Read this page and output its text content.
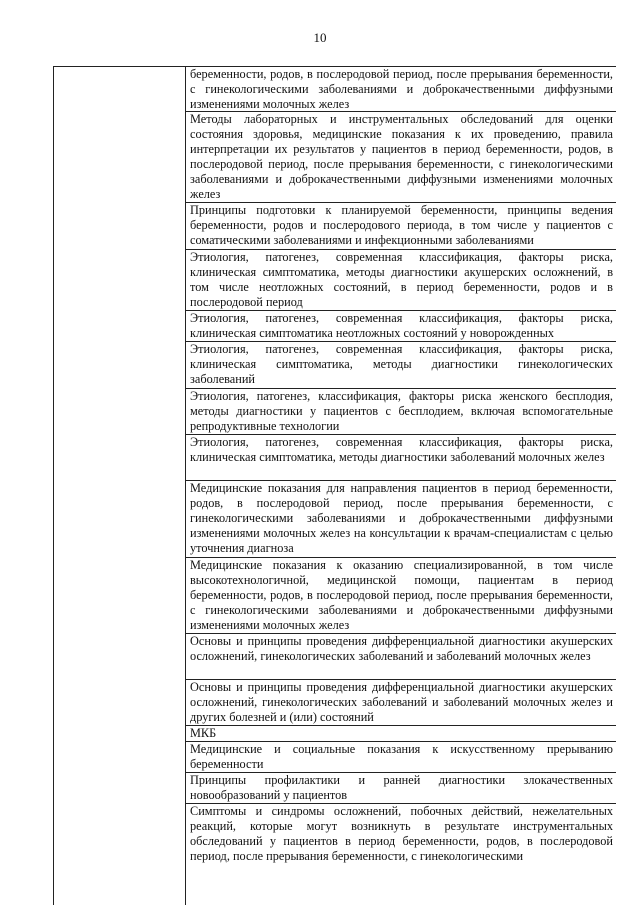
10
беременности, родов, в послеродовой период, после прерывания беременности, с гинекологическими заболеваниями и доброкачественными диффузными изменениями молочных желез
Методы лабораторных и инструментальных обследований для оценки состояния здоровья, медицинские показания к их проведению, правила интерпретации их результатов у пациентов в период беременности, родов, в послеродовой период, после прерывания беременности, с гинекологическими заболеваниями и доброкачественными диффузными изменениями молочных желез
Принципы подготовки к планируемой беременности, принципы ведения беременности, родов и послеродового периода, в том числе у пациентов с соматическими заболеваниями и инфекционными заболеваниями
Этиология, патогенез, современная классификация, факторы риска, клиническая симптоматика, методы диагностики акушерских осложнений, в том числе неотложных состояний, в период беременности, родов и в послеродовой период
Этиология, патогенез, современная классификация, факторы риска, клиническая симптоматика неотложных состояний у новорожденных
Этиология, патогенез, современная классификация, факторы риска, клиническая симптоматика, методы диагностики гинекологических заболеваний
Этиология, патогенез, классификация, факторы риска женского бесплодия, методы диагностики у пациентов с бесплодием, включая вспомогательные репродуктивные технологии
Этиология, патогенез, современная классификация, факторы риска, клиническая симптоматика, методы диагностики заболеваний молочных желез
Медицинские показания для направления пациентов в период беременности, родов, в послеродовой период, после прерывания беременности, с гинекологическими заболеваниями и доброкачественными диффузными изменениями молочных желез на консультации к врачам-специалистам с целью уточнения диагноза
Медицинские показания к оказанию специализированной, в том числе высокотехнологичной, медицинской помощи, пациентам в период беременности, родов, в послеродовой период, после прерывания беременности, с гинекологическими заболеваниями и доброкачественными диффузными изменениями молочных желез
Основы и принципы проведения дифференциальной диагностики акушерских осложнений, гинекологических заболеваний и заболеваний молочных желез
Основы и принципы проведения дифференциальной диагностики акушерских осложнений, гинекологических заболеваний и заболеваний молочных желез и других болезней и (или) состояний
МКБ
Медицинские и социальные показания к искусственному прерыванию беременности
Принципы профилактики и ранней диагностики злокачественных новообразований у пациентов
Симптомы и синдромы осложнений, побочных действий, нежелательных реакций, которые могут возникнуть в результате инструментальных обследований у пациентов в период беременности, родов, в послеродовой период, после прерывания беременности, с гинекологическими
